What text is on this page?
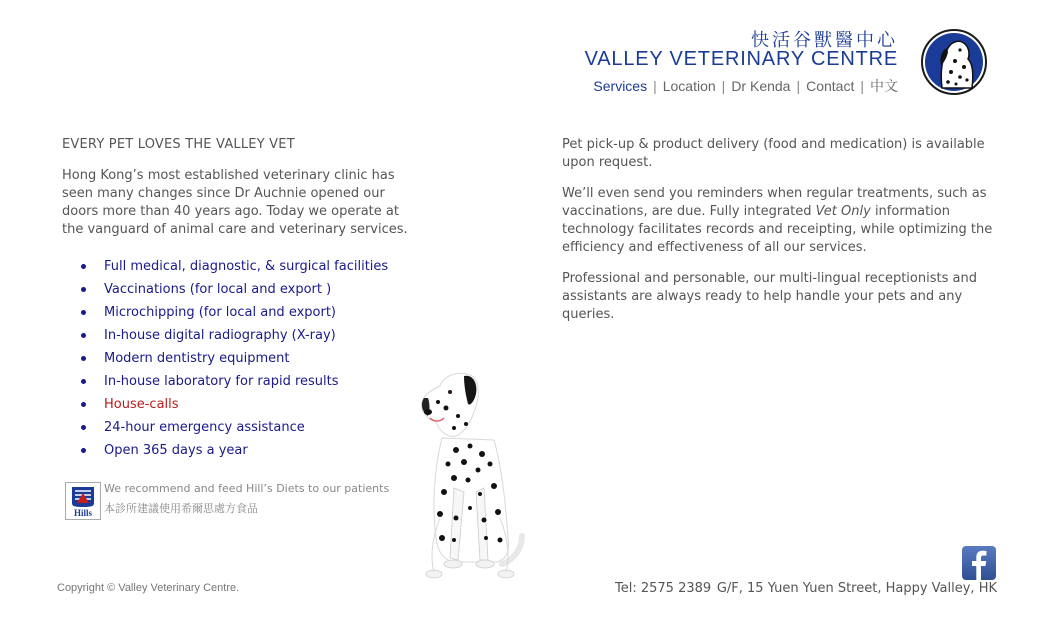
快活谷獸醫中心
VALLEY VETERINARY CENTRE
Services | Location | Dr Kenda | Contact | 中文
EVERY PET LOVES THE VALLEY VET

Hong Kong’s most established veterinary clinic has seen many changes since Dr Auchnie opened our doors more than 40 years ago. Today we operate at the vanguard of animal care and veterinary services.

Full medical, diagnostic, & surgical facilities
Vaccinations (for local and export )
Microchipping (for local and export)
In-house digital radiography (X-ray)
Modern dentistry equipment
In-house laboratory for rapid results
House-calls
24-hour emergency assistance
Open 365 days a year
Hills
We recommend and feed Hill’s Diets to our patients
本診所建議使用希爾思處方食品

Pet pick-up & product delivery (food and medication) is available upon request.

We’ll even send you reminders when regular treatments, such as vaccinations, are due. Fully integrated Vet Only information technology facilitates records and receipting, while optimizing the efficiency and effectiveness of all our services.

Professional and personable, our multi-lingual receptionists and assistants are always ready to help handle your pets and any queries.

Copyright © Valley Veterinary Centre.	Tel: 2575 2389 G/F, 15 Yuen Yuen Street, Happy Valley, HK
